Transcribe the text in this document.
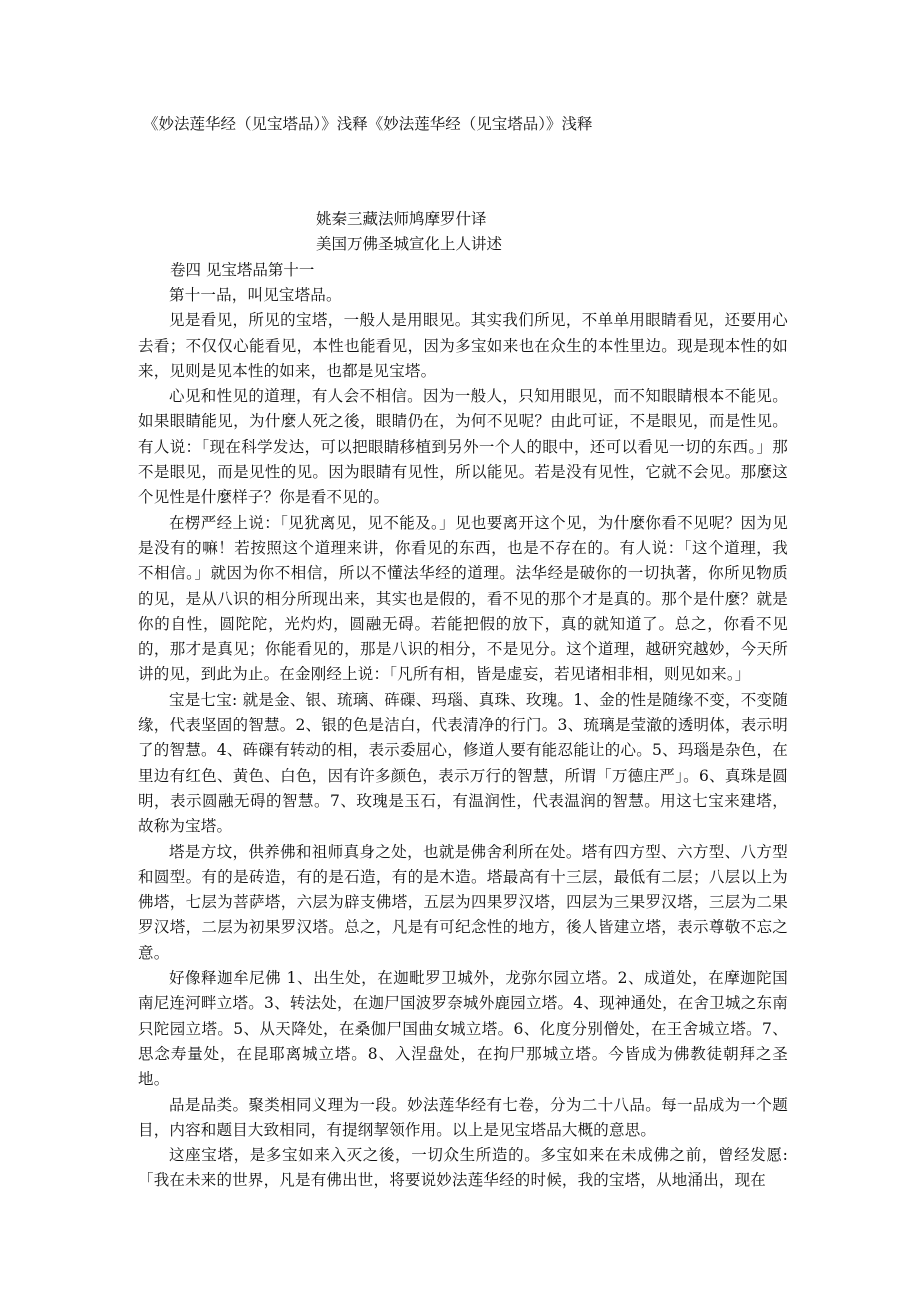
《妙法莲华经（见宝塔品）》浅释《妙法莲华经（见宝塔品）》浅释
姚秦三藏法师鸠摩罗什译
美国万佛圣城宣化上人讲述
卷四 见宝塔品第十一

第十一品，叫见宝塔品。

见是看见，所见的宝塔，一般人是用眼见。其实我们所见，不单单用眼睛看见，还要用心去看；不仅仅心能看见，本性也能看见，因为多宝如来也在众生的本性里边。现是现本性的如来，见则是见本性的如来，也都是见宝塔。

心见和性见的道理，有人会不相信。因为一般人，只知用眼见，而不知眼睛根本不能见。如果眼睛能见，为什麼人死之後，眼睛仍在，为何不见呢？由此可证，不是眼见，而是性见。有人说：「现在科学发达，可以把眼睛移植到另外一个人的眼中，还可以看见一切的东西。」那不是眼见，而是见性的见。因为眼睛有见性，所以能见。若是没有见性，它就不会见。那麼这个见性是什麼样子？你是看不见的。

在楞严经上说：「见犹离见，见不能及。」见也要离开这个见，为什麼你看不见呢？因为见是没有的嘛！若按照这个道理来讲，你看见的东西，也是不存在的。有人说：「这个道理，我不相信。」就因为你不相信，所以不懂法华经的道理。法华经是破你的一切执著，你所见物质的见，是从八识的相分所现出来，其实也是假的，看不见的那个才是真的。那个是什麼？就是你的自性，圆陀陀，光灼灼，圆融无碍。若能把假的放下，真的就知道了。总之，你看不见的，那才是真见；你能看见的，那是八识的相分，不是见分。这个道理，越研究越妙，今天所讲的见，到此为止。在金刚经上说：「凡所有相，皆是虚妄，若见诸相非相，则见如来。」

宝是七宝: 就是金、银、琉璃、砗磲、玛瑙、真珠、玫瑰。1、金的性是随缘不变，不变随缘，代表坚固的智慧。2、银的色是洁白，代表清净的行门。3、琉璃是莹澈的透明体，表示明了的智慧。4、砗磲有转动的相，表示委屈心，修道人要有能忍能让的心。5、玛瑙是杂色，在里边有红色、黄色、白色，因有许多颜色，表示万行的智慧，所谓「万德庄严」。6、真珠是圆明，表示圆融无碍的智慧。7、玫瑰是玉石，有温润性，代表温润的智慧。用这七宝来建塔，故称为宝塔。

塔是方坟，供养佛和祖师真身之处，也就是佛舍利所在处。塔有四方型、六方型、八方型和圆型。有的是砖造，有的是石造，有的是木造。塔最高有十三层，最低有二层；八层以上为佛塔，七层为菩萨塔，六层为辟支佛塔，五层为四果罗汉塔，四层为三果罗汉塔，三层为二果罗汉塔，二层为初果罗汉塔。总之，凡是有可纪念性的地方，後人皆建立塔，表示尊敬不忘之意。

好像释迦牟尼佛 1、出生处，在迦毗罗卫城外，龙弥尔园立塔。2、成道处，在摩迦陀国南尼连河畔立塔。3、转法处，在迦尸国波罗奈城外鹿园立塔。4、现神通处，在舍卫城之东南只陀园立塔。5、从天降处，在桑伽尸国曲女城立塔。6、化度分别僧处，在王舍城立塔。7、思念寿量处，在昆耶离城立塔。8、入涅盘处，在拘尸那城立塔。今皆成为佛教徒朝拜之圣地。

品是品类。聚类相同义理为一段。妙法莲华经有七卷，分为二十八品。每一品成为一个题目，内容和题目大致相同，有提纲挈领作用。以上是见宝塔品大概的意思。

这座宝塔，是多宝如来入灭之後，一切众生所造的。多宝如来在未成佛之前，曾经发愿: 「我在未来的世界，凡是有佛出世，将要说妙法莲华经的时候，我的宝塔，从地涌出，现在
